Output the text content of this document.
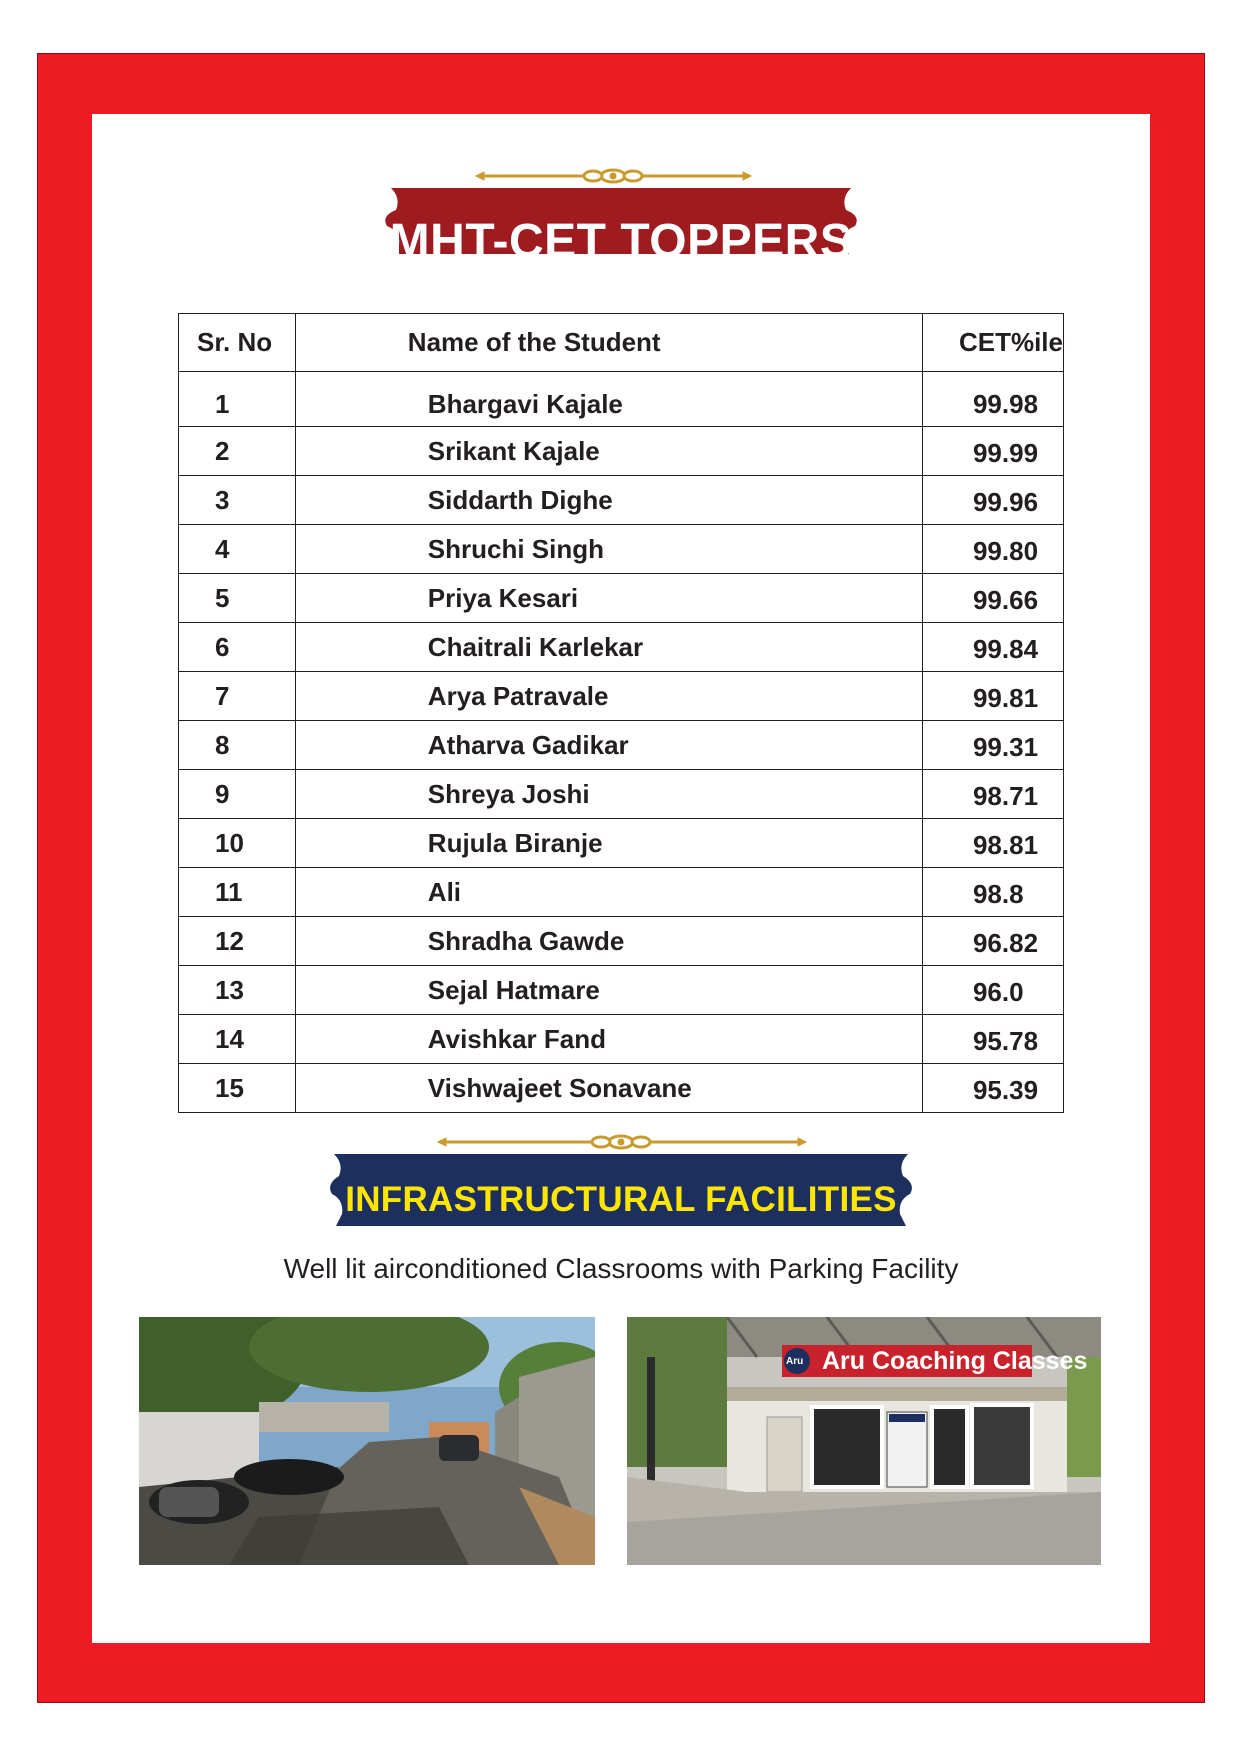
MHT-CET TOPPERS
Sr. No	Name of the Student	CET%ile
1	Bhargavi Kajale	99.98
2	Srikant Kajale	99.99
3	Siddarth Dighe	99.96
4	Shruchi Singh	99.80
5	Priya Kesari	99.66
6	Chaitrali Karlekar	99.84
7	Arya Patravale	99.81
8	Atharva Gadikar	99.31
9	Shreya Joshi	98.71
10	Rujula Biranje	98.81
11	Ali	98.8
12	Shradha Gawde	96.82
13	Sejal Hatmare	96.0
14	Avishkar Fand	95.78
15	Vishwajeet Sonavane	95.39
INFRASTRUCTURAL FACILITIES
Well lit airconditioned Classrooms with Parking Facility
Aru Coaching Classes
Aru
